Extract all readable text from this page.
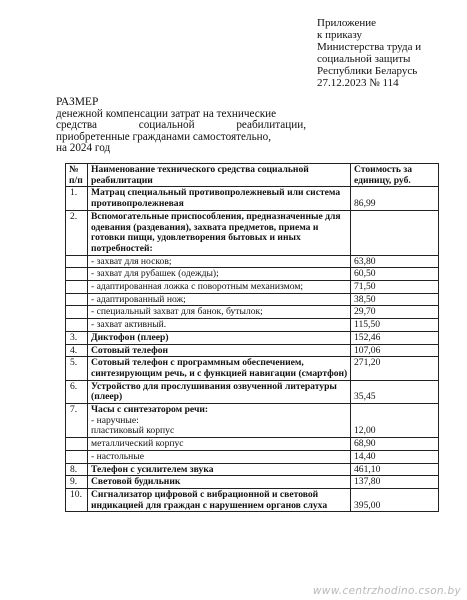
Приложение
к приказу
Министерства труда и
социальной защиты
Республики Беларусь
27.12.2023 № 114
РАЗМЕР
денежной компенсации затрат на технические
средства социальной реабилитации,
приобретенные гражданами самостоятельно,
на 2024 год
№ п/п	Наименование технического средства социальной реабилитации	Стоимость за
единицу, руб.
1.	Матрац специальный противопролежневый или система противопролежневая	86,99
2.	Вспомогательные приспособления, предназначенные для одевания (раздевания), захвата предметов, приема и готовки пищи, удовлетворения бытовых и иных потребностей:	
	- захват для носков;	63,80
	- захват для рубашек (одежды);	60,50
	- адаптированная ложка с поворотным механизмом;	71,50
	- адаптированный нож;	38,50
	- специальный захват для банок, бутылок;	29,70
	- захват активный.	115,50
3.	Диктофон (плеер)	152,46
4.	Сотовый телефон	107,06
5.	Сотовый телефон с программным обеспечением, синтезирующим речь, и с функцией навигации (смартфон)	271,20
6.	Устройство для прослушивания озвученной литературы (плеер)	35,45
7.	Часы с синтезатором речи:
- наручные:
пластиковый корпус	12,00
	металлический корпус	68,90
	- настольные	14,40
8.	Телефон с усилителем звука	461,10
9.	Световой будильник	137,80
10.	Сигнализатор цифровой с вибрационной и световой индикацией для граждан с нарушением органов слуха	395,00
www.centrzhodino.cson.by
